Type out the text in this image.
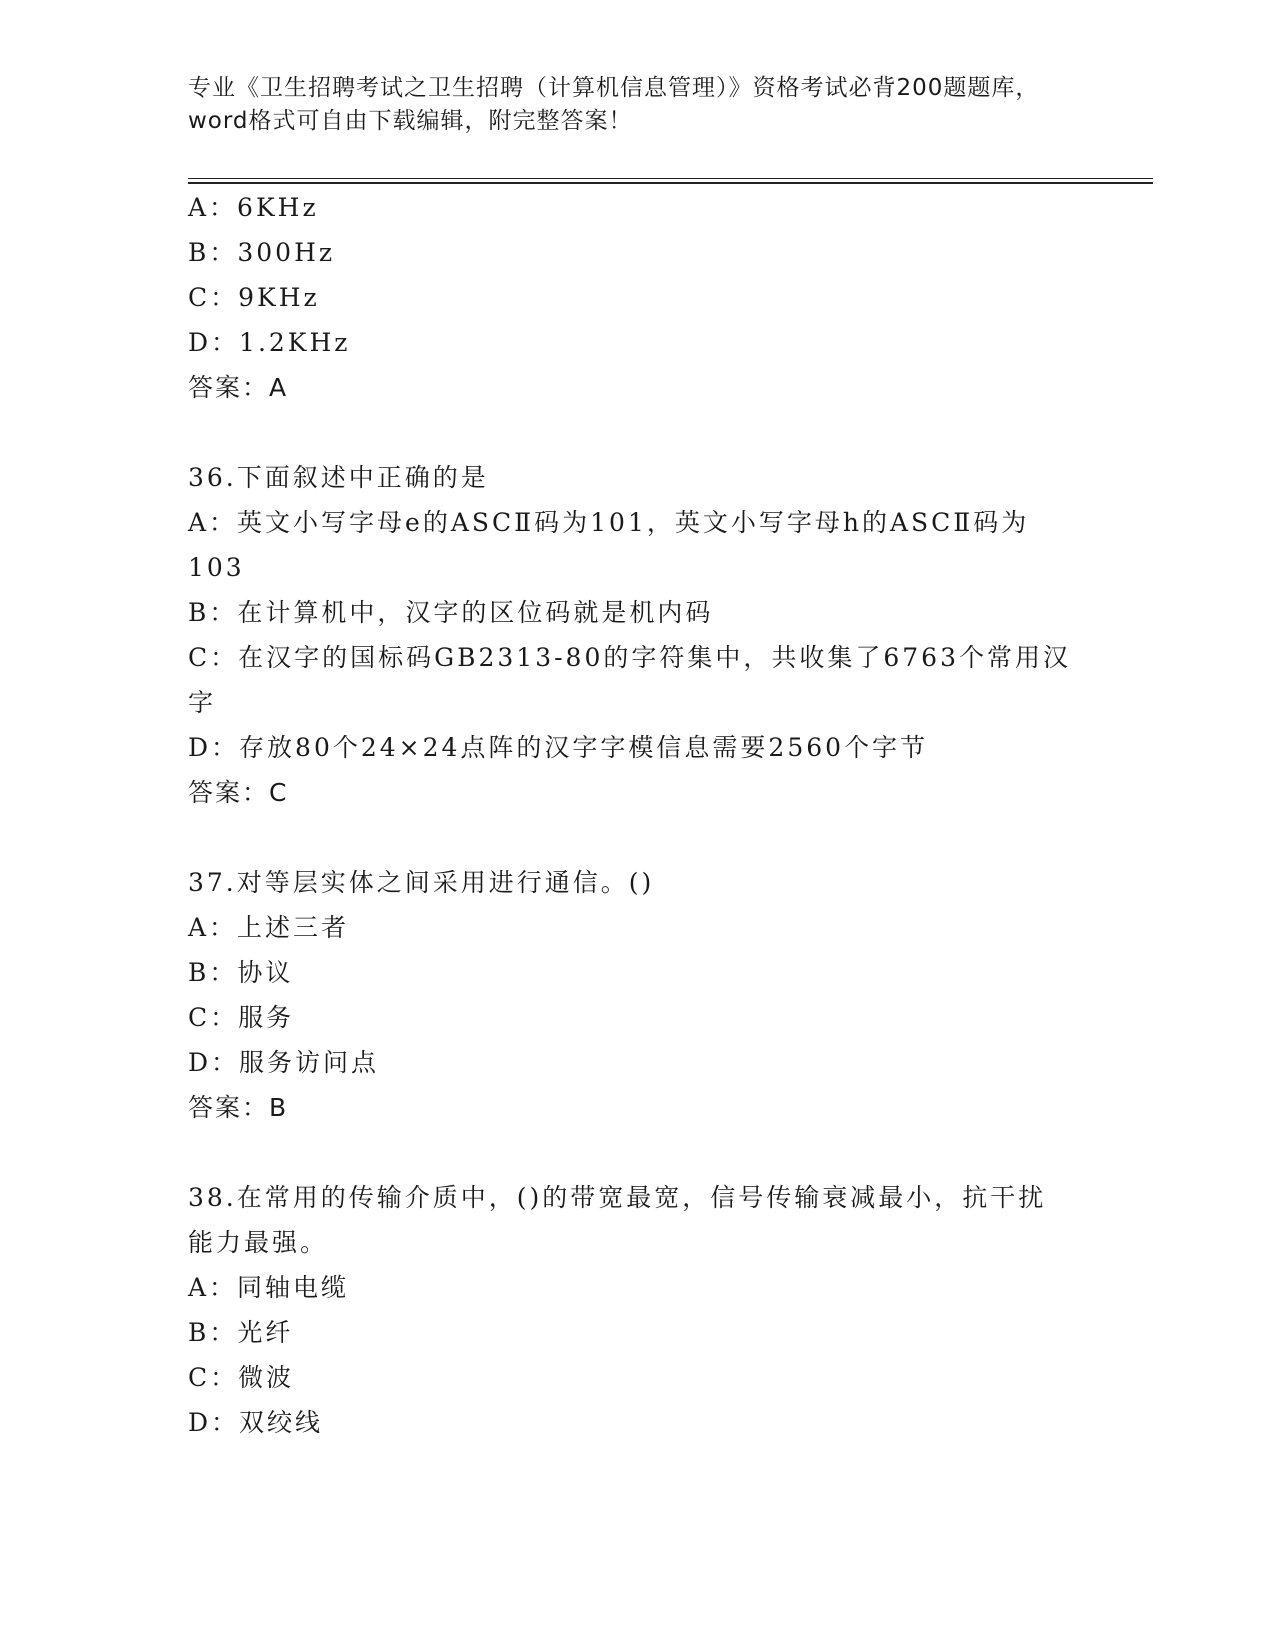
专业《卫生招聘考试之卫生招聘（计算机信息管理）》资格考试必背200题题库，
word格式可自由下载编辑，附完整答案！
A：6KHz
B：300Hz
C：9KHz
D：1.2KHz
答案：A
36.下面叙述中正确的是
A：英文小写字母e的ASCⅡ码为101，英文小写字母h的ASCⅡ码为
103
B：在计算机中，汉字的区位码就是机内码
C：在汉字的国标码GB2313-80的字符集中，共收集了6763个常用汉
字
D：存放80个24×24点阵的汉字字模信息需要2560个字节
答案：C
37.对等层实体之间采用进行通信。()
A：上述三者
B：协议
C：服务
D：服务访问点
答案：B
38.在常用的传输介质中，()的带宽最宽，信号传输衰减最小，抗干扰
能力最强。
A：同轴电缆
B：光纤
C：微波
D：双绞线
